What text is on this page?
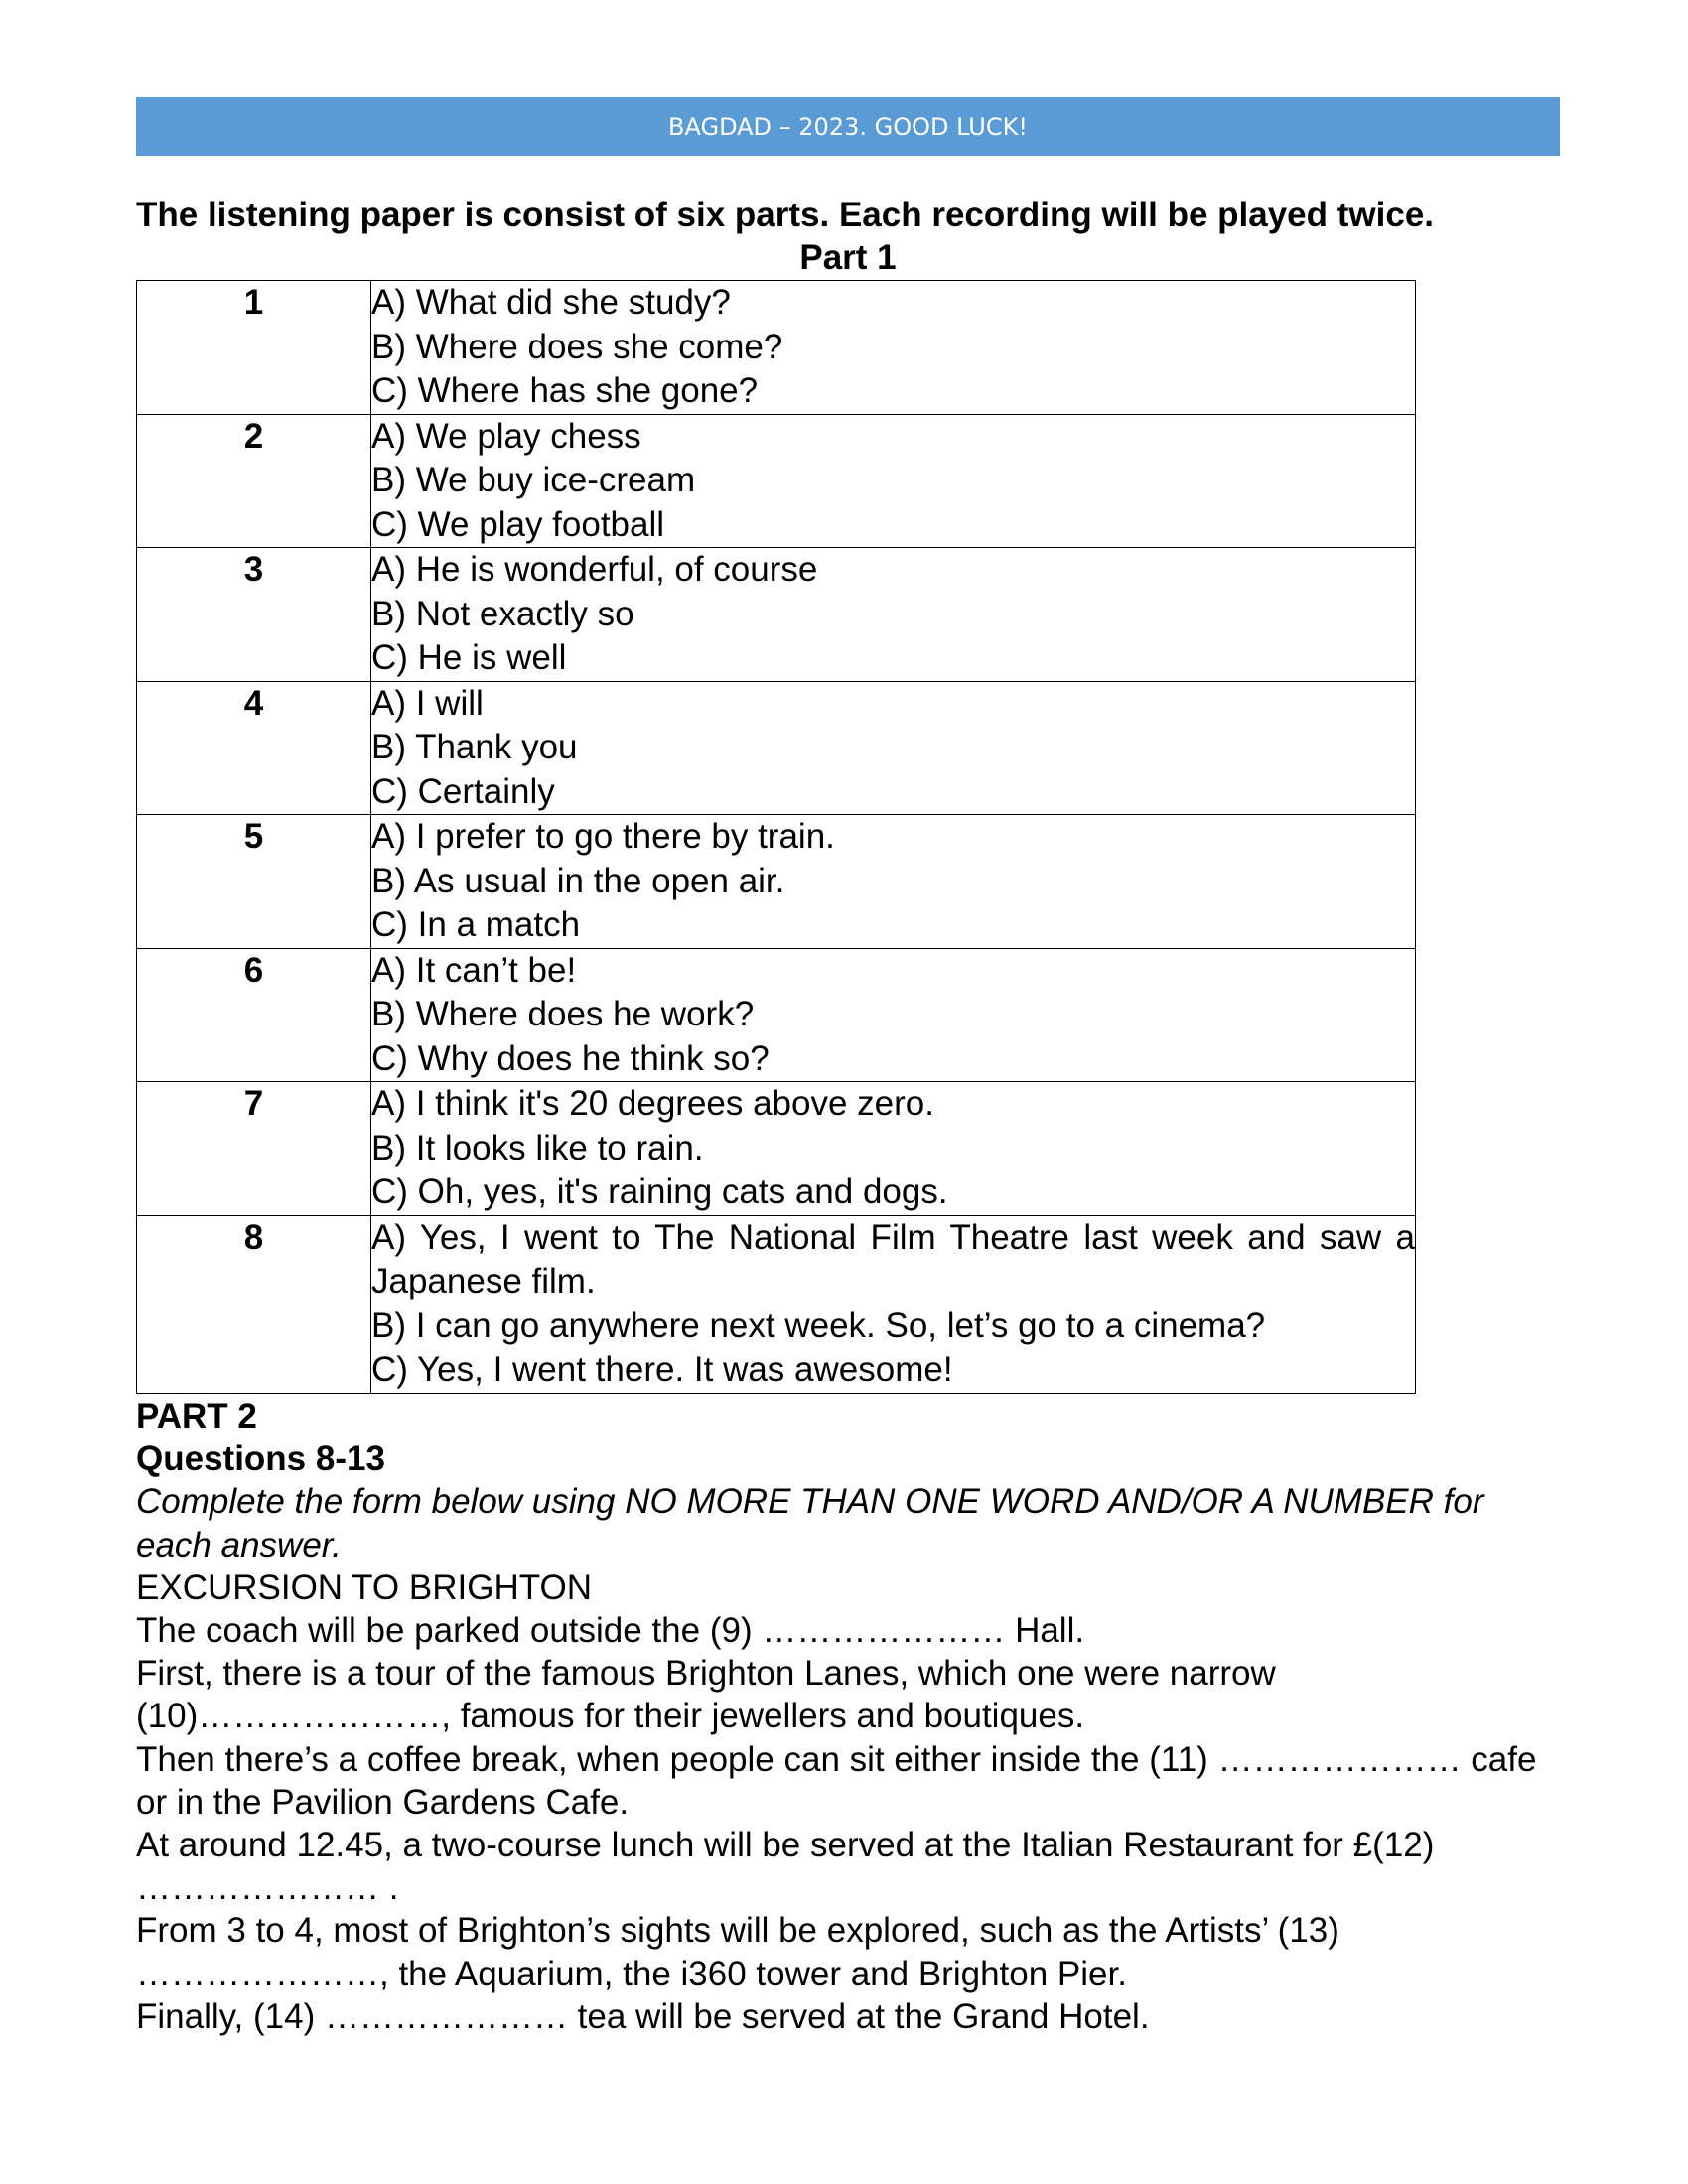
BAGDAD – 2023. GOOD LUCK!
The listening paper is consist of six parts. Each recording will be played twice.
Part 1
1	A) What did she study?
B) Where does she come?
C) Where has she gone?

2	A) We play chess
B) We buy ice-cream
C) We play football

3	A) He is wonderful, of course
B) Not exactly so
C) He is well

4	A) I will
B) Thank you
C) Certainly

5	A) I prefer to go there by train.
B) As usual in the open air.
C) In a match

6	A) It can’t be!
B) Where does he work?
C) Why does he think so?

7	A) I think it's 20 degrees above zero.
B) It looks like to rain.
C) Oh, yes, it's raining cats and dogs.

8	A) Yes, I went to The National Film Theatre last week and saw a Japanese film.
B) I can go anywhere next week. So, let’s go to a cinema?
C) Yes, I went there. It was awesome!

PART 2

Questions 8-13

Complete the form below using NO MORE THAN ONE WORD AND/OR A NUMBER for each answer.

EXCURSION TO BRIGHTON

The coach will be parked outside the (9) ………………… Hall.

First, there is a tour of the famous Brighton Lanes, which one were narrow (10)…………………, famous for their jewellers and boutiques.

Then there’s a coffee break, when people can sit either inside the (11) ………………… cafe or in the Pavilion Gardens Cafe.

At around 12.45, a two-course lunch will be served at the Italian Restaurant for £(12) ………………… .

From 3 to 4, most of Brighton’s sights will be explored, such as the Artists’ (13) …………………, the Aquarium, the i360 tower and Brighton Pier.

Finally, (14) ………………… tea will be served at the Grand Hotel.
